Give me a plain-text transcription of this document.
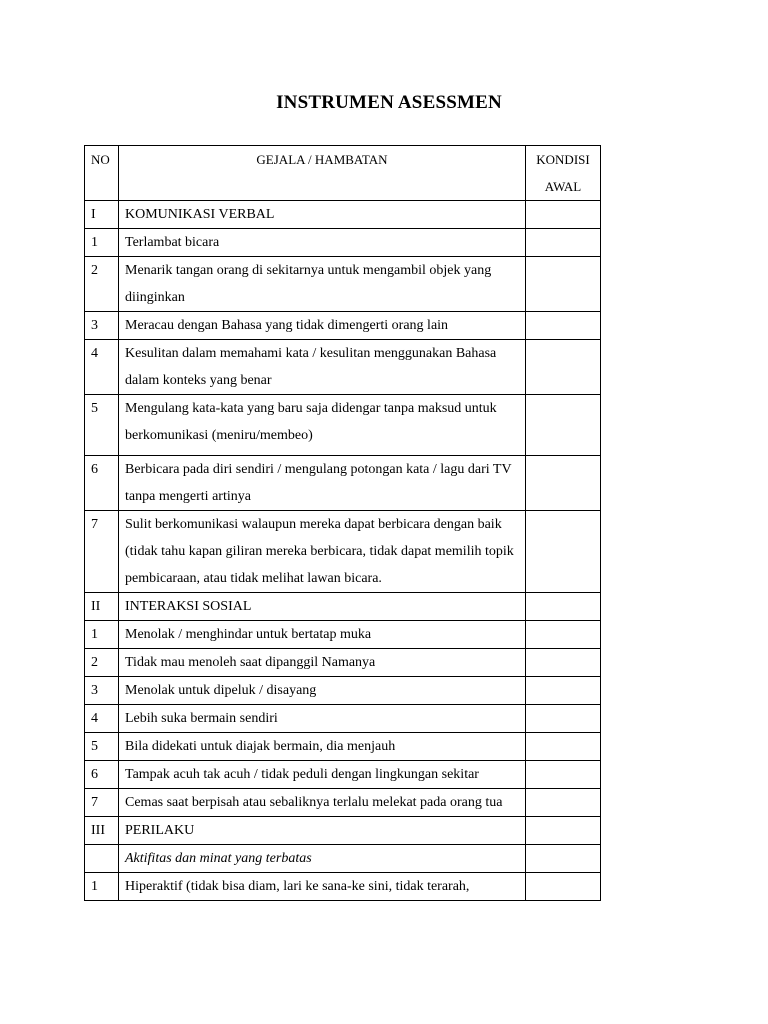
INSTRUMEN ASESSMEN
NO	GEJALA / HAMBATAN	KONDISI
AWAL
I	KOMUNIKASI VERBAL	
1	Terlambat bicara	
2	Menarik tangan orang di sekitarnya untuk mengambil objek yang diinginkan	
3	Meracau dengan Bahasa yang tidak dimengerti orang lain	
4	Kesulitan dalam memahami kata / kesulitan menggunakan Bahasa dalam konteks yang benar	
5	Mengulang kata-kata yang baru saja didengar tanpa maksud untuk berkomunikasi (meniru/membeo)	
6	Berbicara pada diri sendiri / mengulang potongan kata / lagu dari TV tanpa mengerti artinya	
7	Sulit berkomunikasi walaupun mereka dapat berbicara dengan baik (tidak tahu kapan giliran mereka berbicara, tidak dapat memilih topik pembicaraan, atau tidak melihat lawan bicara.	
II	INTERAKSI SOSIAL	
1	Menolak / menghindar untuk bertatap muka	
2	Tidak mau menoleh saat dipanggil Namanya	
3	Menolak untuk dipeluk / disayang	
4	Lebih suka bermain sendiri	
5	Bila didekati untuk diajak bermain, dia menjauh	
6	Tampak acuh tak acuh / tidak peduli dengan lingkungan sekitar	
7	Cemas saat berpisah atau sebaliknya terlalu melekat pada orang tua	
III	PERILAKU	
	Aktifitas dan minat yang terbatas	
1	Hiperaktif (tidak bisa diam, lari ke sana-ke sini, tidak terarah,	
